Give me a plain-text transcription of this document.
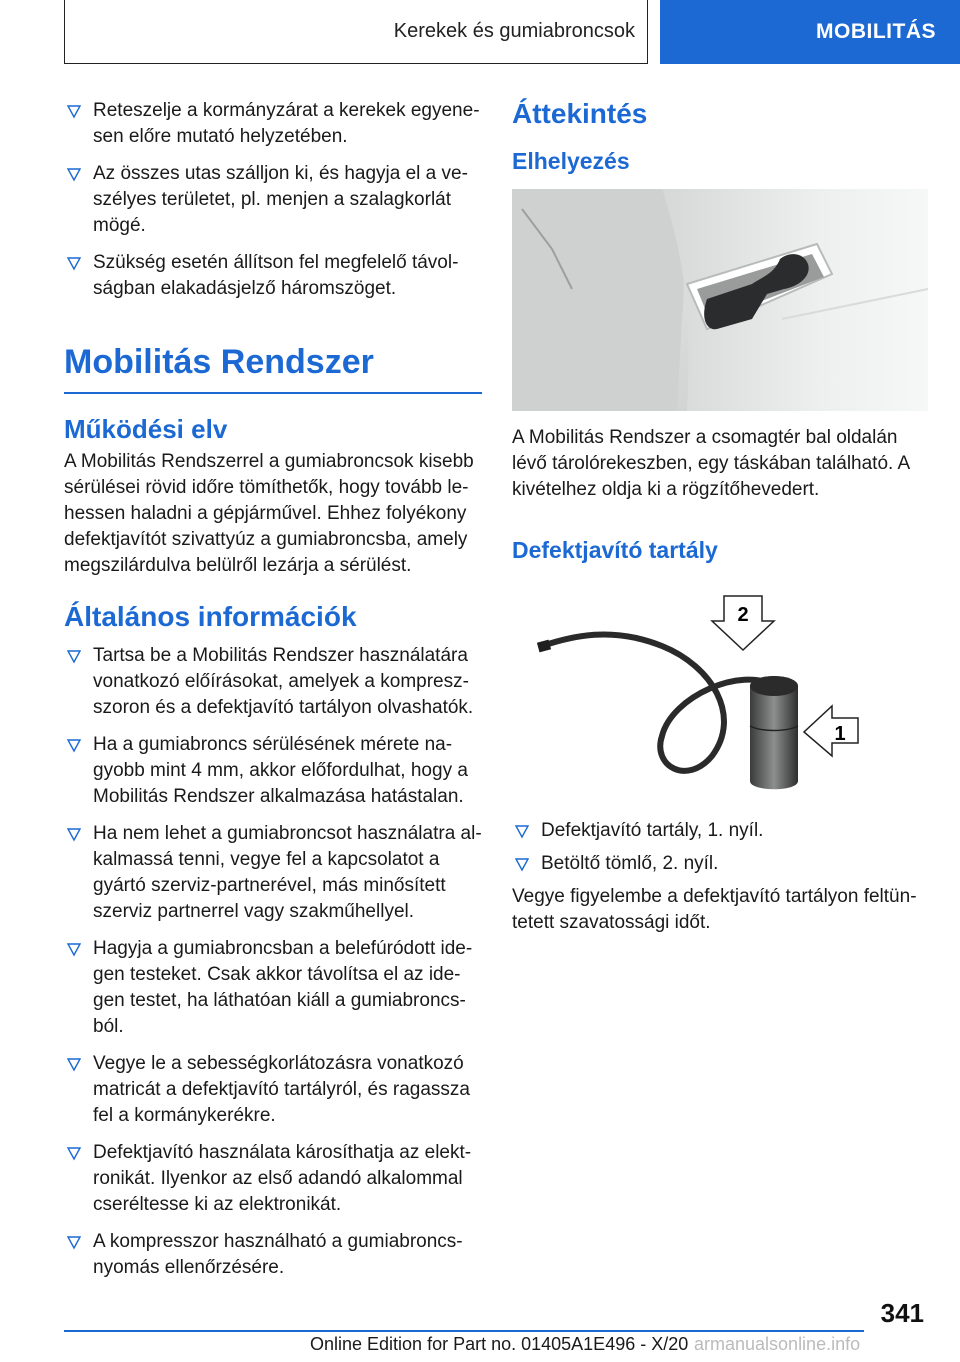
Kerekek és gumiabroncsok	MOBILITÁS
Reteszelje a kormányzárat a kerekek egyene-sen előre mutató helyzetében.
Az összes utas szálljon ki, és hagyja el a ve-szélyes területet, pl. menjen a szalagkorlát mögé.
Szükség esetén állítson fel megfelelő távol-ságban elakadásjelző háromszöget.
Mobilitás Rendszer
Működési elv

A Mobilitás Rendszerrel a gumiabroncsok kisebb sérülései rövid időre tömíthetők, hogy tovább le-hessen haladni a gépjárművel. Ehhez folyékony defektjavítót szivattyúz a gumiabroncsba, amely megszilárdulva belülről lezárja a sérülést.

Általános információk
Tartsa be a Mobilitás Rendszer használatára vonatkozó előírásokat, amelyek a kompresz-szoron és a defektjavító tartályon olvashatók.
Ha a gumiabroncs sérülésének mérete na-gyobb mint 4 mm, akkor előfordulhat, hogy a Mobilitás Rendszer alkalmazása hatástalan.
Ha nem lehet a gumiabroncsot használatra al-kalmassá tenni, vegye fel a kapcsolatot a gyártó szerviz-partnerével, más minősített szerviz partnerrel vagy szakműhellyel.
Hagyja a gumiabroncsban a belefúródott ide-gen testeket. Csak akkor távolítsa el az ide-gen testet, ha láthatóan kiáll a gumiabroncs-ból.
Vegye le a sebességkorlátozásra vonatkozó matricát a defektjavító tartályról, és ragassza fel a kormánykerékre.
Defektjavító használata károsíthatja az elekt-ronikát. Ilyenkor az első adandó alkalommal cseréltesse ki az elektronikát.
A kompresszor használható a gumiabroncs-nyomás ellenőrzésére.
Áttekintés
Elhelyezés

A Mobilitás Rendszer a csomagtér bal oldalán lévő tárolórekeszben, egy táskában található. A kivételhez oldja ki a rögzítőhevedert.

Defektjavító tartály
2
1
Defektjavító tartály, 1. nyíl.
Betöltő tömlő, 2. nyíl.

Vegye figyelembe a defektjavító tartályon feltün-tetett szavatossági időt.

341
Online Edition for Part no. 01405A1E496 - X/20 armanualsonline.info
